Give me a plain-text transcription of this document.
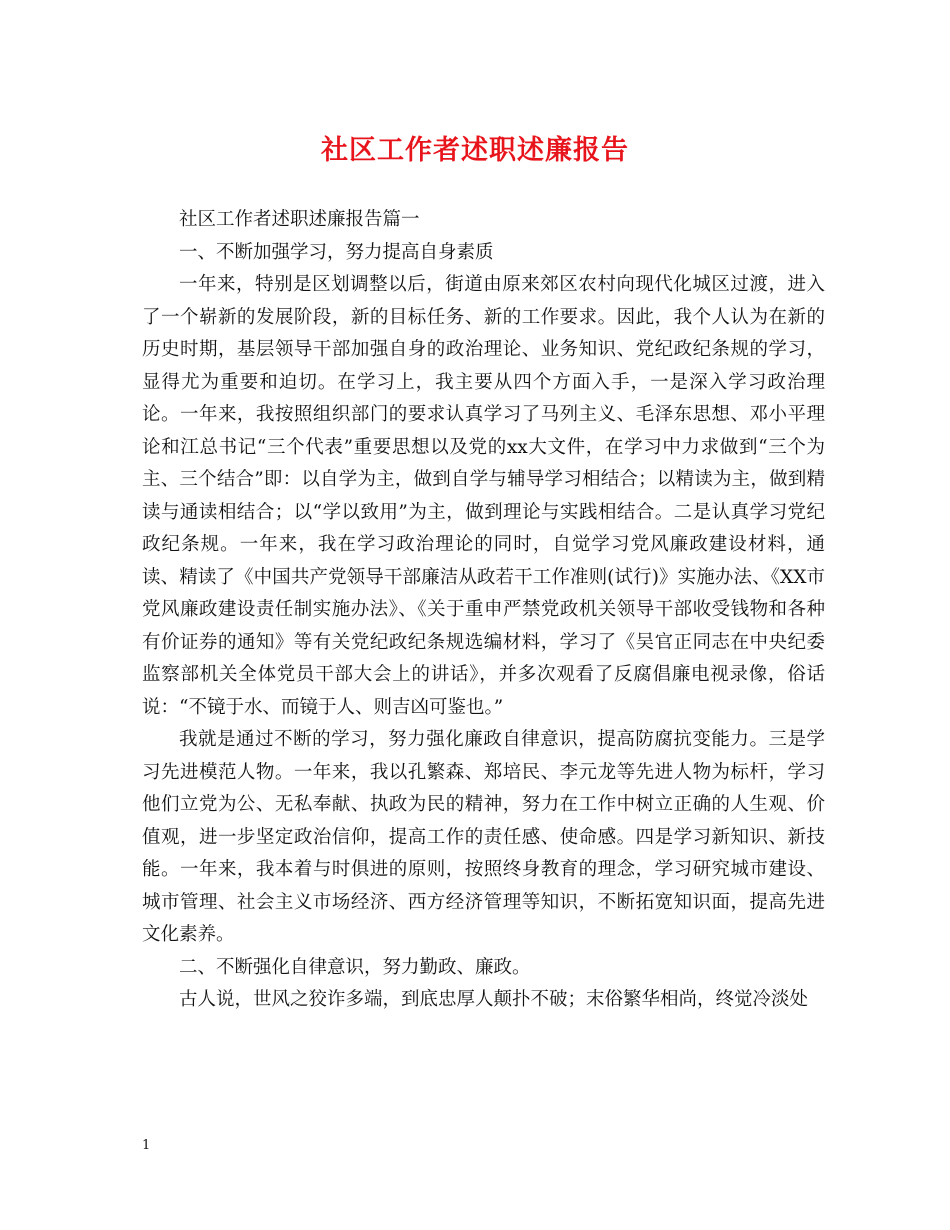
社区工作者述职述廉报告

社区工作者述职述廉报告篇一

一、不断加强学习，努力提高自身素质

一年来，特别是区划调整以后，街道由原来郊区农村向现代化城区过渡，进入了一个崭新的发展阶段，新的目标任务、新的工作要求。因此，我个人认为在新的历史时期，基层领导干部加强自身的政治理论、业务知识、党纪政纪条规的学习，显得尤为重要和迫切。在学习上，我主要从四个方面入手，一是深入学习政治理论。一年来，我按照组织部门的要求认真学习了马列主义、毛泽东思想、邓小平理论和江总书记“三个代表”重要思想以及党的xx大文件，在学习中力求做到“三个为主、三个结合”即：以自学为主，做到自学与辅导学习相结合；以精读为主，做到精读与通读相结合；以“学以致用”为主，做到理论与实践相结合。二是认真学习党纪政纪条规。一年来，我在学习政治理论的同时，自觉学习党风廉政建设材料，通读、精读了《中国共产党领导干部廉洁从政若干工作准则(试行)》实施办法、《XX市党风廉政建设责任制实施办法》、《关于重申严禁党政机关领导干部收受钱物和各种有价证券的通知》等有关党纪政纪条规选编材料，学习了《吴官正同志在中央纪委监察部机关全体党员干部大会上的讲话》，并多次观看了反腐倡廉电视录像，俗话说：“不镜于水、而镜于人、则吉凶可鉴也。”

我就是通过不断的学习，努力强化廉政自律意识，提高防腐抗变能力。三是学习先进模范人物。一年来，我以孔繁森、郑培民、李元龙等先进人物为标杆，学习他们立党为公、无私奉献、执政为民的精神，努力在工作中树立正确的人生观、价值观，进一步坚定政治信仰，提高工作的责任感、使命感。四是学习新知识、新技能。一年来，我本着与时俱进的原则，按照终身教育的理念，学习研究城市建设、城市管理、社会主义市场经济、西方经济管理等知识，不断拓宽知识面，提高先进文化素养。

二、不断强化自律意识，努力勤政、廉政。

古人说，世风之狡诈多端，到底忠厚人颠扑不破；末俗繁华相尚，终觉冷淡处

1
